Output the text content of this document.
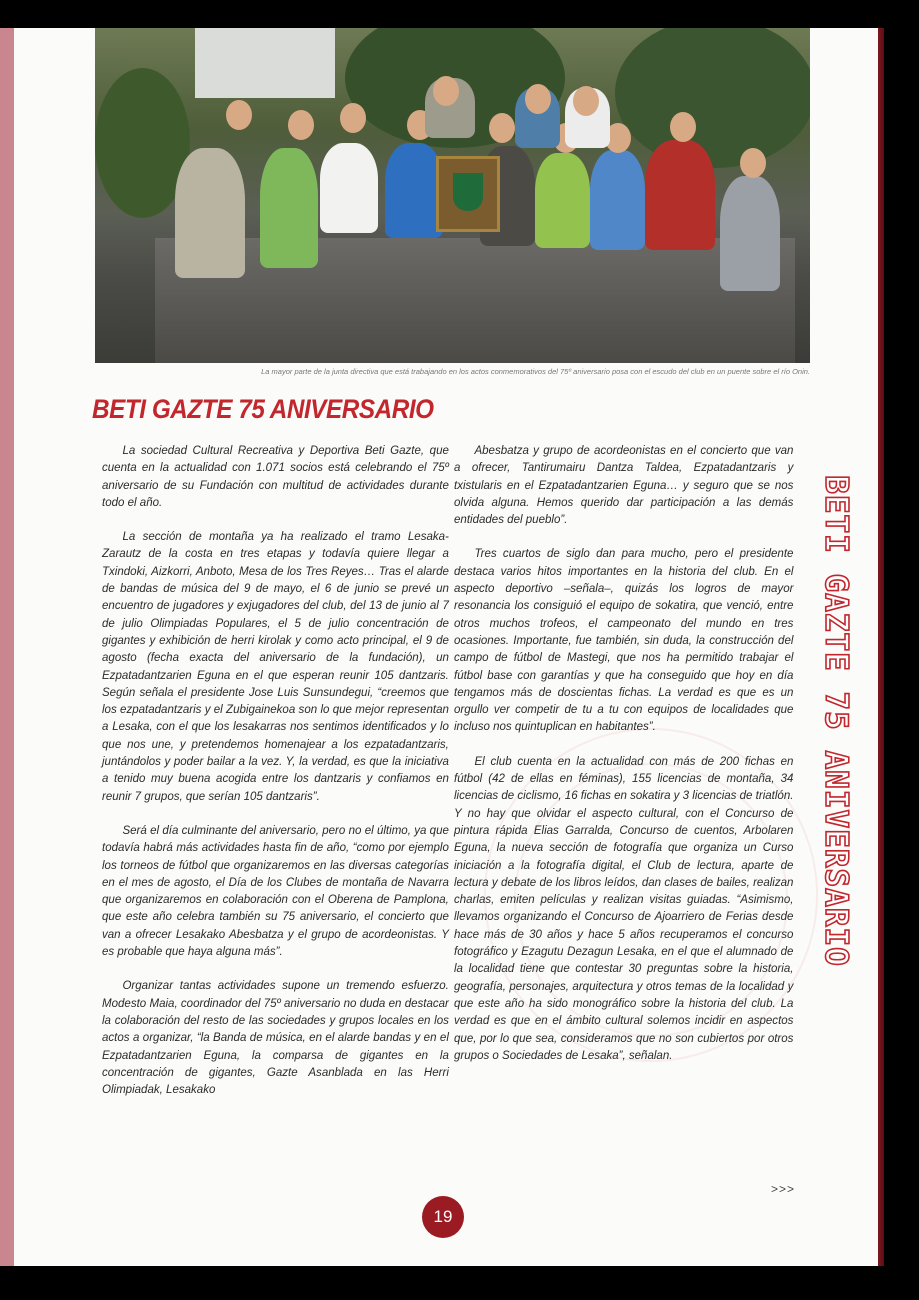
La mayor parte de la junta directiva que está trabajando en los actos conmemorativos del 75º aniversario posa con el escudo del club en un puente sobre el río Onin.
BETI GAZTE 75 ANIVERSARIO

La sociedad Cultural Recreativa y Deportiva Beti Gazte, que cuenta en la actualidad con 1.071 socios está celebrando el 75º aniversario de su Fundación con multitud de actividades durante todo el año.

La sección de montaña ya ha realizado el tramo Lesaka-Zarautz de la costa en tres etapas y todavía quiere llegar a Txindoki, Aizkorri, Anboto, Mesa de los Tres Reyes… Tras el alarde de bandas de música del 9 de mayo, el 6 de junio se prevé un encuentro de jugadores y exjugadores del club, del 13 de junio al 7 de julio Olimpiadas Populares, el 5 de julio concentración de gigantes y exhibición de herri kirolak y como acto principal, el 9 de agosto (fecha exacta del aniversario de la fundación), un Ezpatadantzarien Eguna en el que esperan reunir 105 dantzaris. Según señala el presidente Jose Luis Sunsundegui, “creemos que los ezpatadantzaris y el Zubigainekoa son lo que mejor representan a Lesaka, con el que los lesakarras nos sentimos identificados y lo que nos une, y pretendemos homenajear a los ezpatadantzaris, juntándolos y poder bailar a la vez. Y, la verdad, es que la iniciativa a tenido muy buena acogida entre los dantzaris y confiamos en reunir 7 grupos, que serían 105 dantzaris”.

Será el día culminante del aniversario, pero no el último, ya que todavía habrá más actividades hasta fin de año, “como por ejemplo los torneos de fútbol que organizaremos en las diversas categorías en el mes de agosto, el Día de los Clubes de montaña de Navarra que organizaremos en colaboración con el Oberena de Pamplona, que este año celebra también su 75 aniversario, el concierto que van a ofrecer Lesakako Abesbatza y el grupo de acordeonistas. Y es probable que haya alguna más”.

Organizar tantas actividades supone un tremendo esfuerzo. Modesto Maia, coordinador del 75º aniversario no duda en destacar la colaboración del resto de las sociedades y grupos locales en los actos a organizar, “la Banda de música, en el alarde bandas y en el Ezpatadantzarien Eguna, la comparsa de gigantes en la concentración de gigantes, Gazte Asanblada en las Herri Olimpiadak, Lesakako

Abesbatza y grupo de acordeonistas en el concierto que van a ofrecer, Tantirumairu Dantza Taldea, Ezpatadantzaris y txistularis en el Ezpatadantzarien Eguna… y seguro que se nos olvida alguna. Hemos querido dar participación a las demás entidades del pueblo”.

Tres cuartos de siglo dan para mucho, pero el presidente destaca varios hitos importantes en la historia del club. En el aspecto deportivo –señala–, quizás los logros de mayor resonancia los consiguió el equipo de sokatira, que venció, entre otros muchos trofeos, el campeonato del mundo en tres ocasiones. Importante, fue también, sin duda, la construcción del campo de fútbol de Mastegi, que nos ha permitido trabajar el fútbol base con garantías y que ha conseguido que hoy en día tengamos más de doscientas fichas. La verdad es que es un orgullo ver competir de tu a tu con equipos de localidades que incluso nos quintuplican en habitantes”.

El club cuenta en la actualidad con más de 200 fichas en fútbol (42 de ellas en féminas), 155 licencias de montaña, 34 licencias de ciclismo, 16 fichas en sokatira y 3 licencias de triatlón. Y no hay que olvidar el aspecto cultural, con el Concurso de pintura rápida Elias Garralda, Concurso de cuentos, Arbolaren Eguna, la nueva sección de fotografía que organiza un Curso iniciación a la fotografía digital, el Club de lectura, aparte de lectura y debate de los libros leídos, dan clases de bailes, realizan charlas, emiten películas y realizan visitas guiadas. “Asimismo, llevamos organizando el Concurso de Ajoarriero de Ferias desde hace más de 30 años y hace 5 años recuperamos el concurso fotográfico y Ezagutu Dezagun Lesaka, en el que el alumnado de la localidad tiene que contestar 30 preguntas sobre la historia, geografía, personajes, arquitectura y otros temas de la localidad y que este año ha sido monográfico sobre la historia del club. La verdad es que en el ámbito cultural solemos incidir en aspectos que, por lo que sea, consideramos que no son cubiertos por otros grupos o Sociedades de Lesaka”, señalan.

BETI GAZTE 75 ANIVERSARIO
>>>
19
